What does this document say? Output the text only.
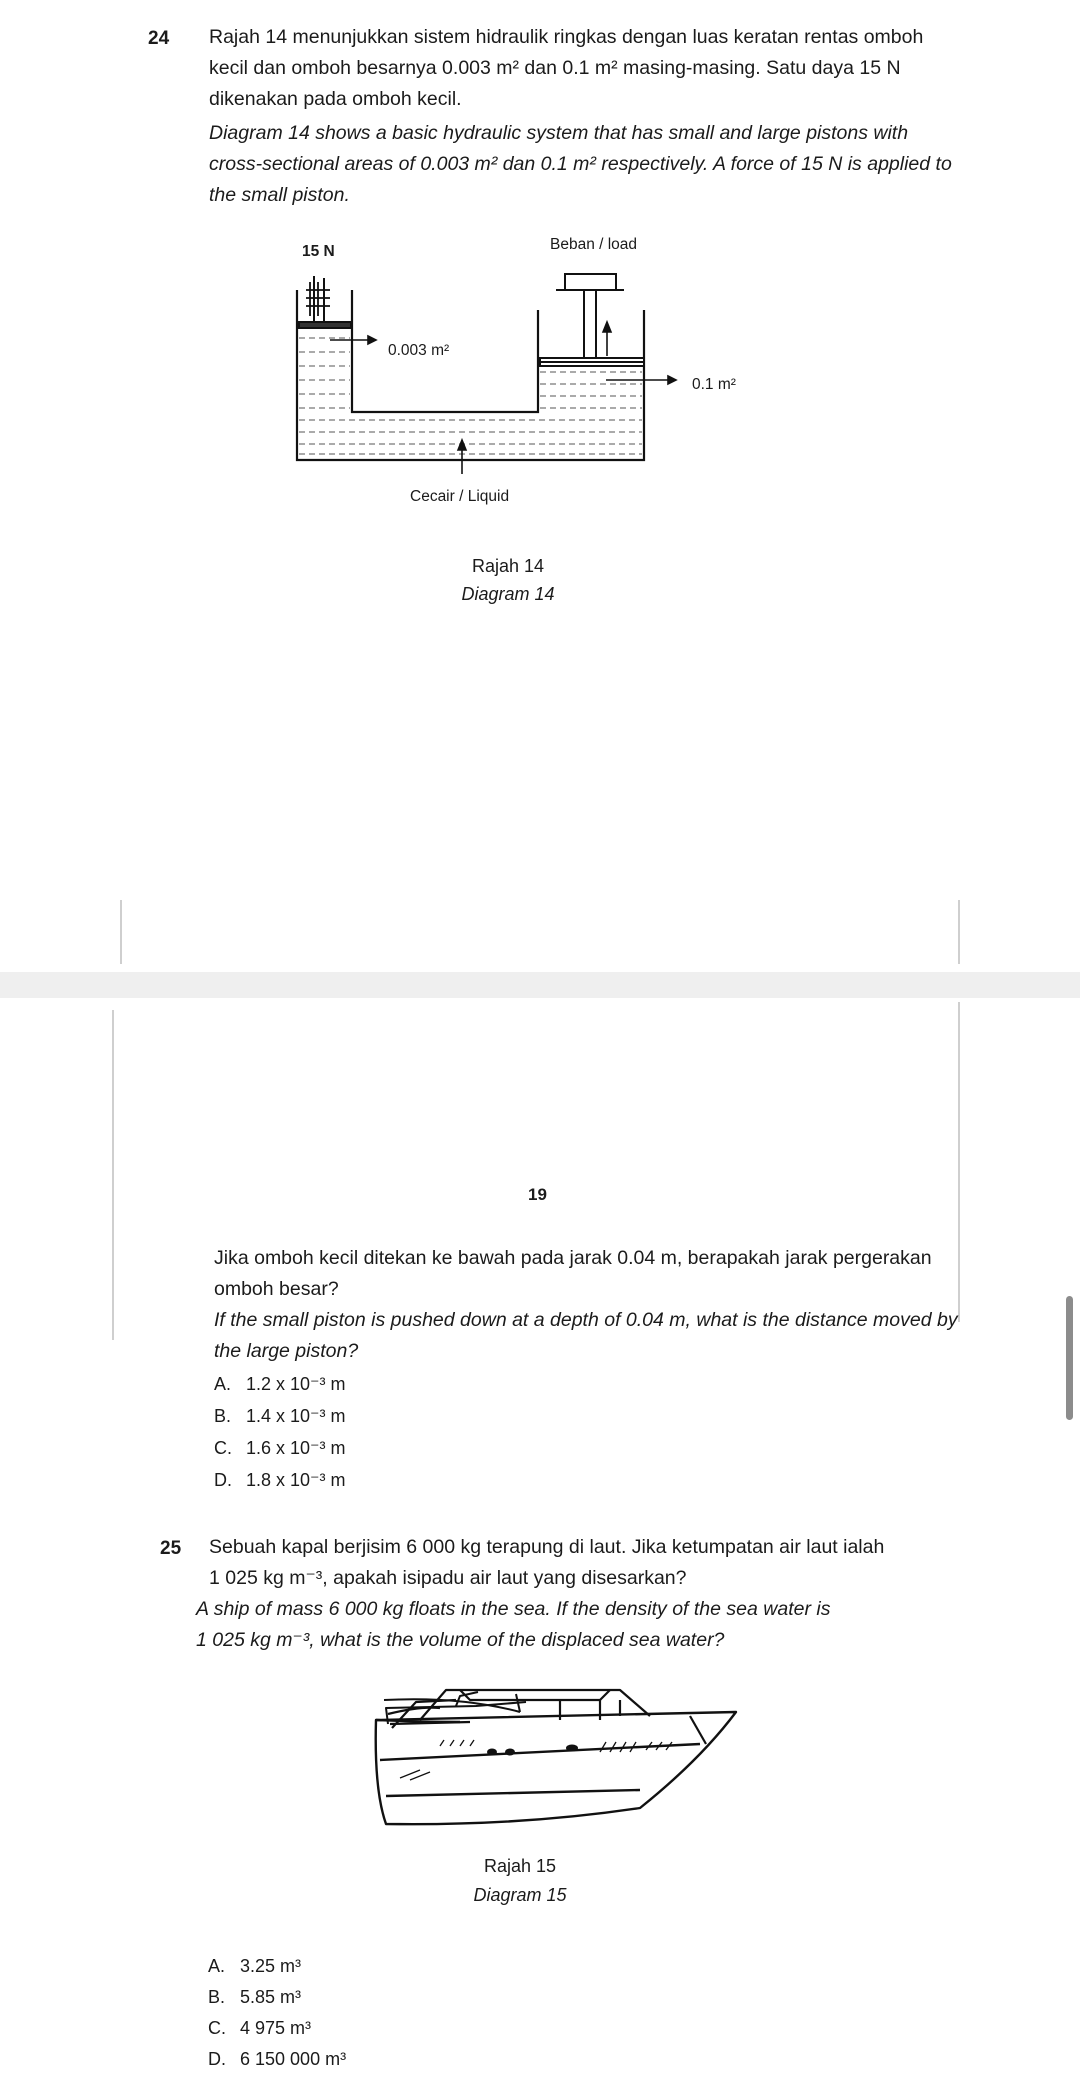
24 Rajah 14 menunjukkan sistem hidraulik ringkas dengan luas keratan rentas omboh
kecil dan omboh besarnya 0.003 m² dan 0.1 m² masing-masing. Satu daya 15 N
dikenakan pada omboh kecil.
Diagram 14 shows a basic hydraulic system that has small and large pistons with
cross-sectional areas of 0.003 m² dan 0.1 m² respectively. A force of 15 N is applied to
the small piston.
15 N	Beban / load
0.003 m²
0.1 m²
Cecair / Liquid
Rajah 14
Diagram 14
19
Jika omboh kecil ditekan ke bawah pada jarak 0.04 m, berapakah jarak pergerakan
omboh besar?
If the small piston is pushed down at a depth of 0.04 m, what is the distance moved by
the large piston?
A. 1.2 x 10⁻³ m
B. 1.4 x 10⁻³ m
C. 1.6 x 10⁻³ m
D. 1.8 x 10⁻³ m
25 Sebuah kapal berjisim 6 000 kg terapung di laut. Jika ketumpatan air laut ialah
1 025 kg m⁻³, apakah isipadu air laut yang disesarkan?
A ship of mass 6 000 kg floats in the sea. If the density of the sea water is
1 025 kg m⁻³, what is the volume of the displaced sea water?
Rajah 15
Diagram 15
A. 3.25 m³
B. 5.85 m³
C. 4 975 m³
D. 6 150 000 m³
